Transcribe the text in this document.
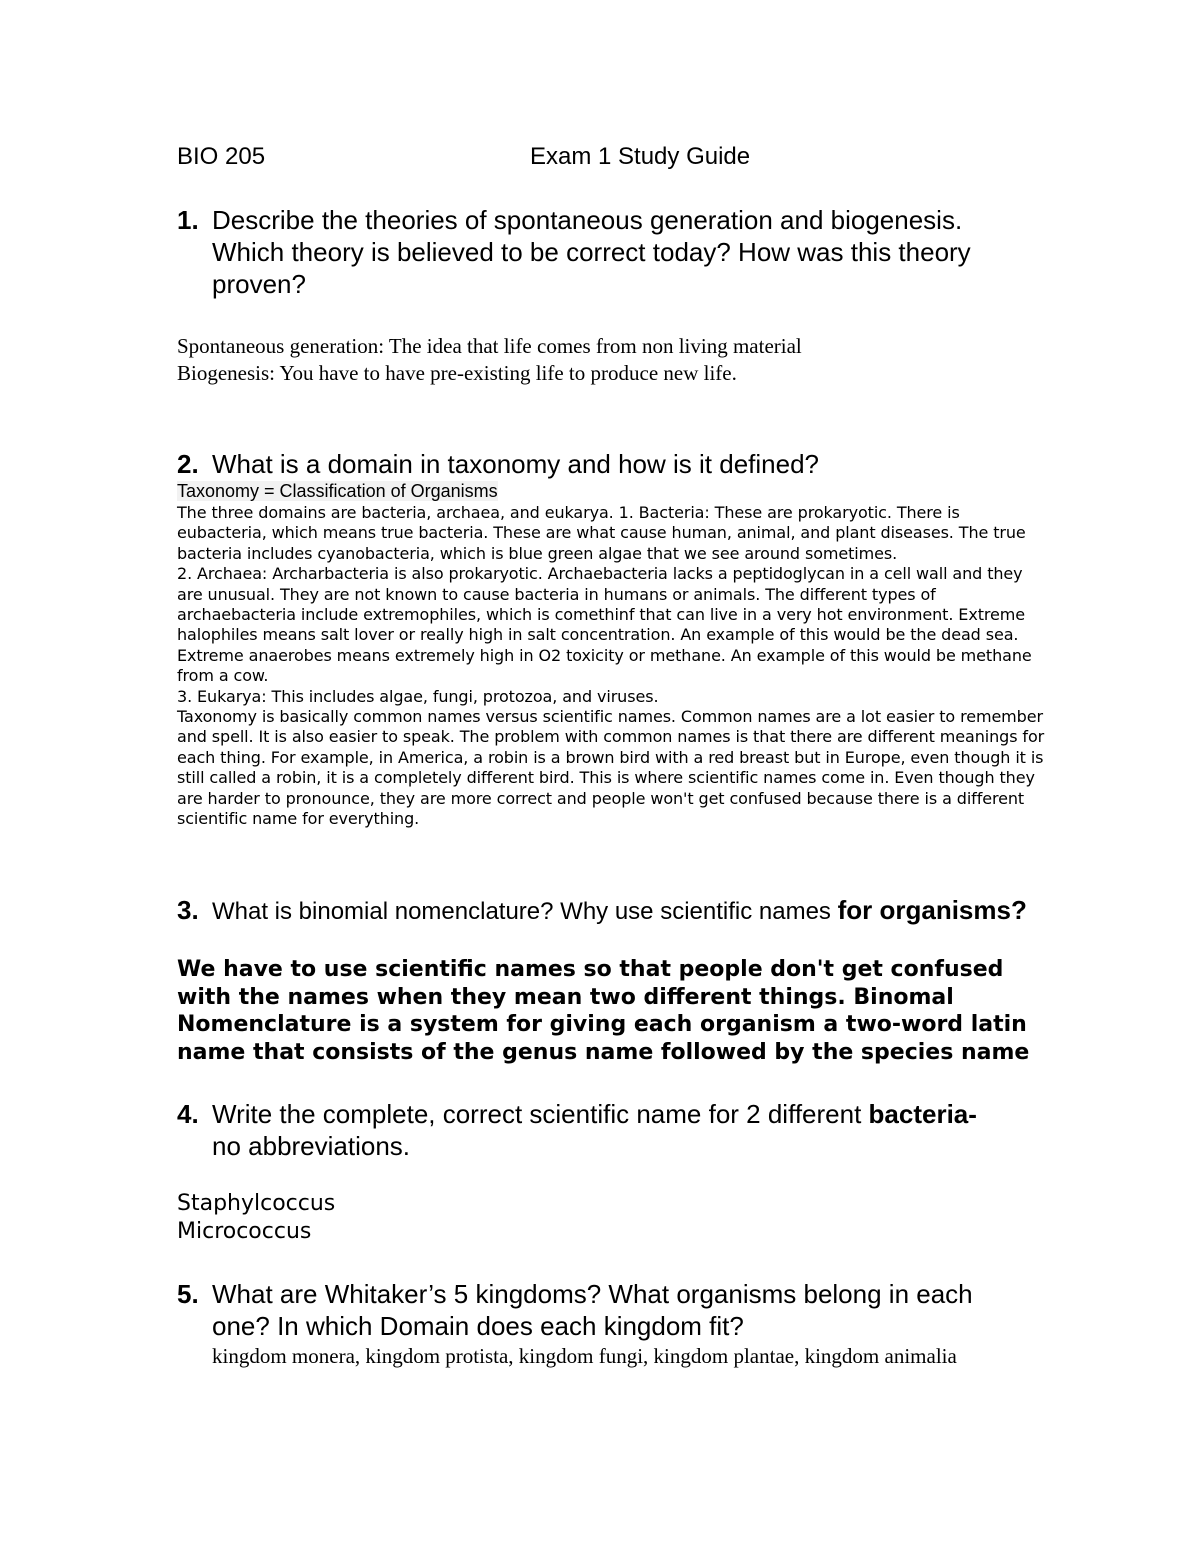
BIO 205	Exam 1 Study Guide
1. Describe the theories of spontaneous generation and biogenesis. Which theory is believed to be correct today? How was this theory proven?
Spontaneous generation: The idea that life comes from non living material
Biogenesis: You have to have pre-existing life to produce new life.
2. What is a domain in taxonomy and how is it defined?
Taxonomy = Classification of Organisms
The three domains are bacteria, archaea, and eukarya. 1. Bacteria: These are prokaryotic. There is eubacteria, which means true bacteria. These are what cause human, animal, and plant diseases. The true bacteria includes cyanobacteria, which is blue green algae that we see around sometimes.
2. Archaea: Archarbacteria is also prokaryotic. Archaebacteria lacks a peptidoglycan in a cell wall and they are unusual. They are not known to cause bacteria in humans or animals. The different types of archaebacteria include extremophiles, which is comethinf that can live in a very hot environment. Extreme halophiles means salt lover or really high in salt concentration. An example of this would be the dead sea. Extreme anaerobes means extremely high in O2 toxicity or methane. An example of this would be methane from a cow.
3. Eukarya: This includes algae, fungi, protozoa, and viruses.
Taxonomy is basically common names versus scientific names. Common names are a lot easier to remember and spell. It is also easier to speak. The problem with common names is that there are different meanings for each thing. For example, in America, a robin is a brown bird with a red breast but in Europe, even though it is still called a robin, it is a completely different bird. This is where scientific names come in. Even though they are harder to pronounce, they are more correct and people won't get confused because there is a different scientific name for everything.
3. What is binomial nomenclature? Why use scientific names for organisms?
We have to use scientific names so that people don't get confused with the names when they mean two different things. Binomal Nomenclature is a system for giving each organism a two-word latin name that consists of the genus name followed by the species name
4. Write the complete, correct scientific name for 2 different bacteria-
no abbreviations.
Staphylcoccus
Micrococcus
5. What are Whitaker’s 5 kingdoms? What organisms belong in each one? In which Domain does each kingdom fit?
kingdom monera, kingdom protista, kingdom fungi, kingdom plantae, kingdom animalia
